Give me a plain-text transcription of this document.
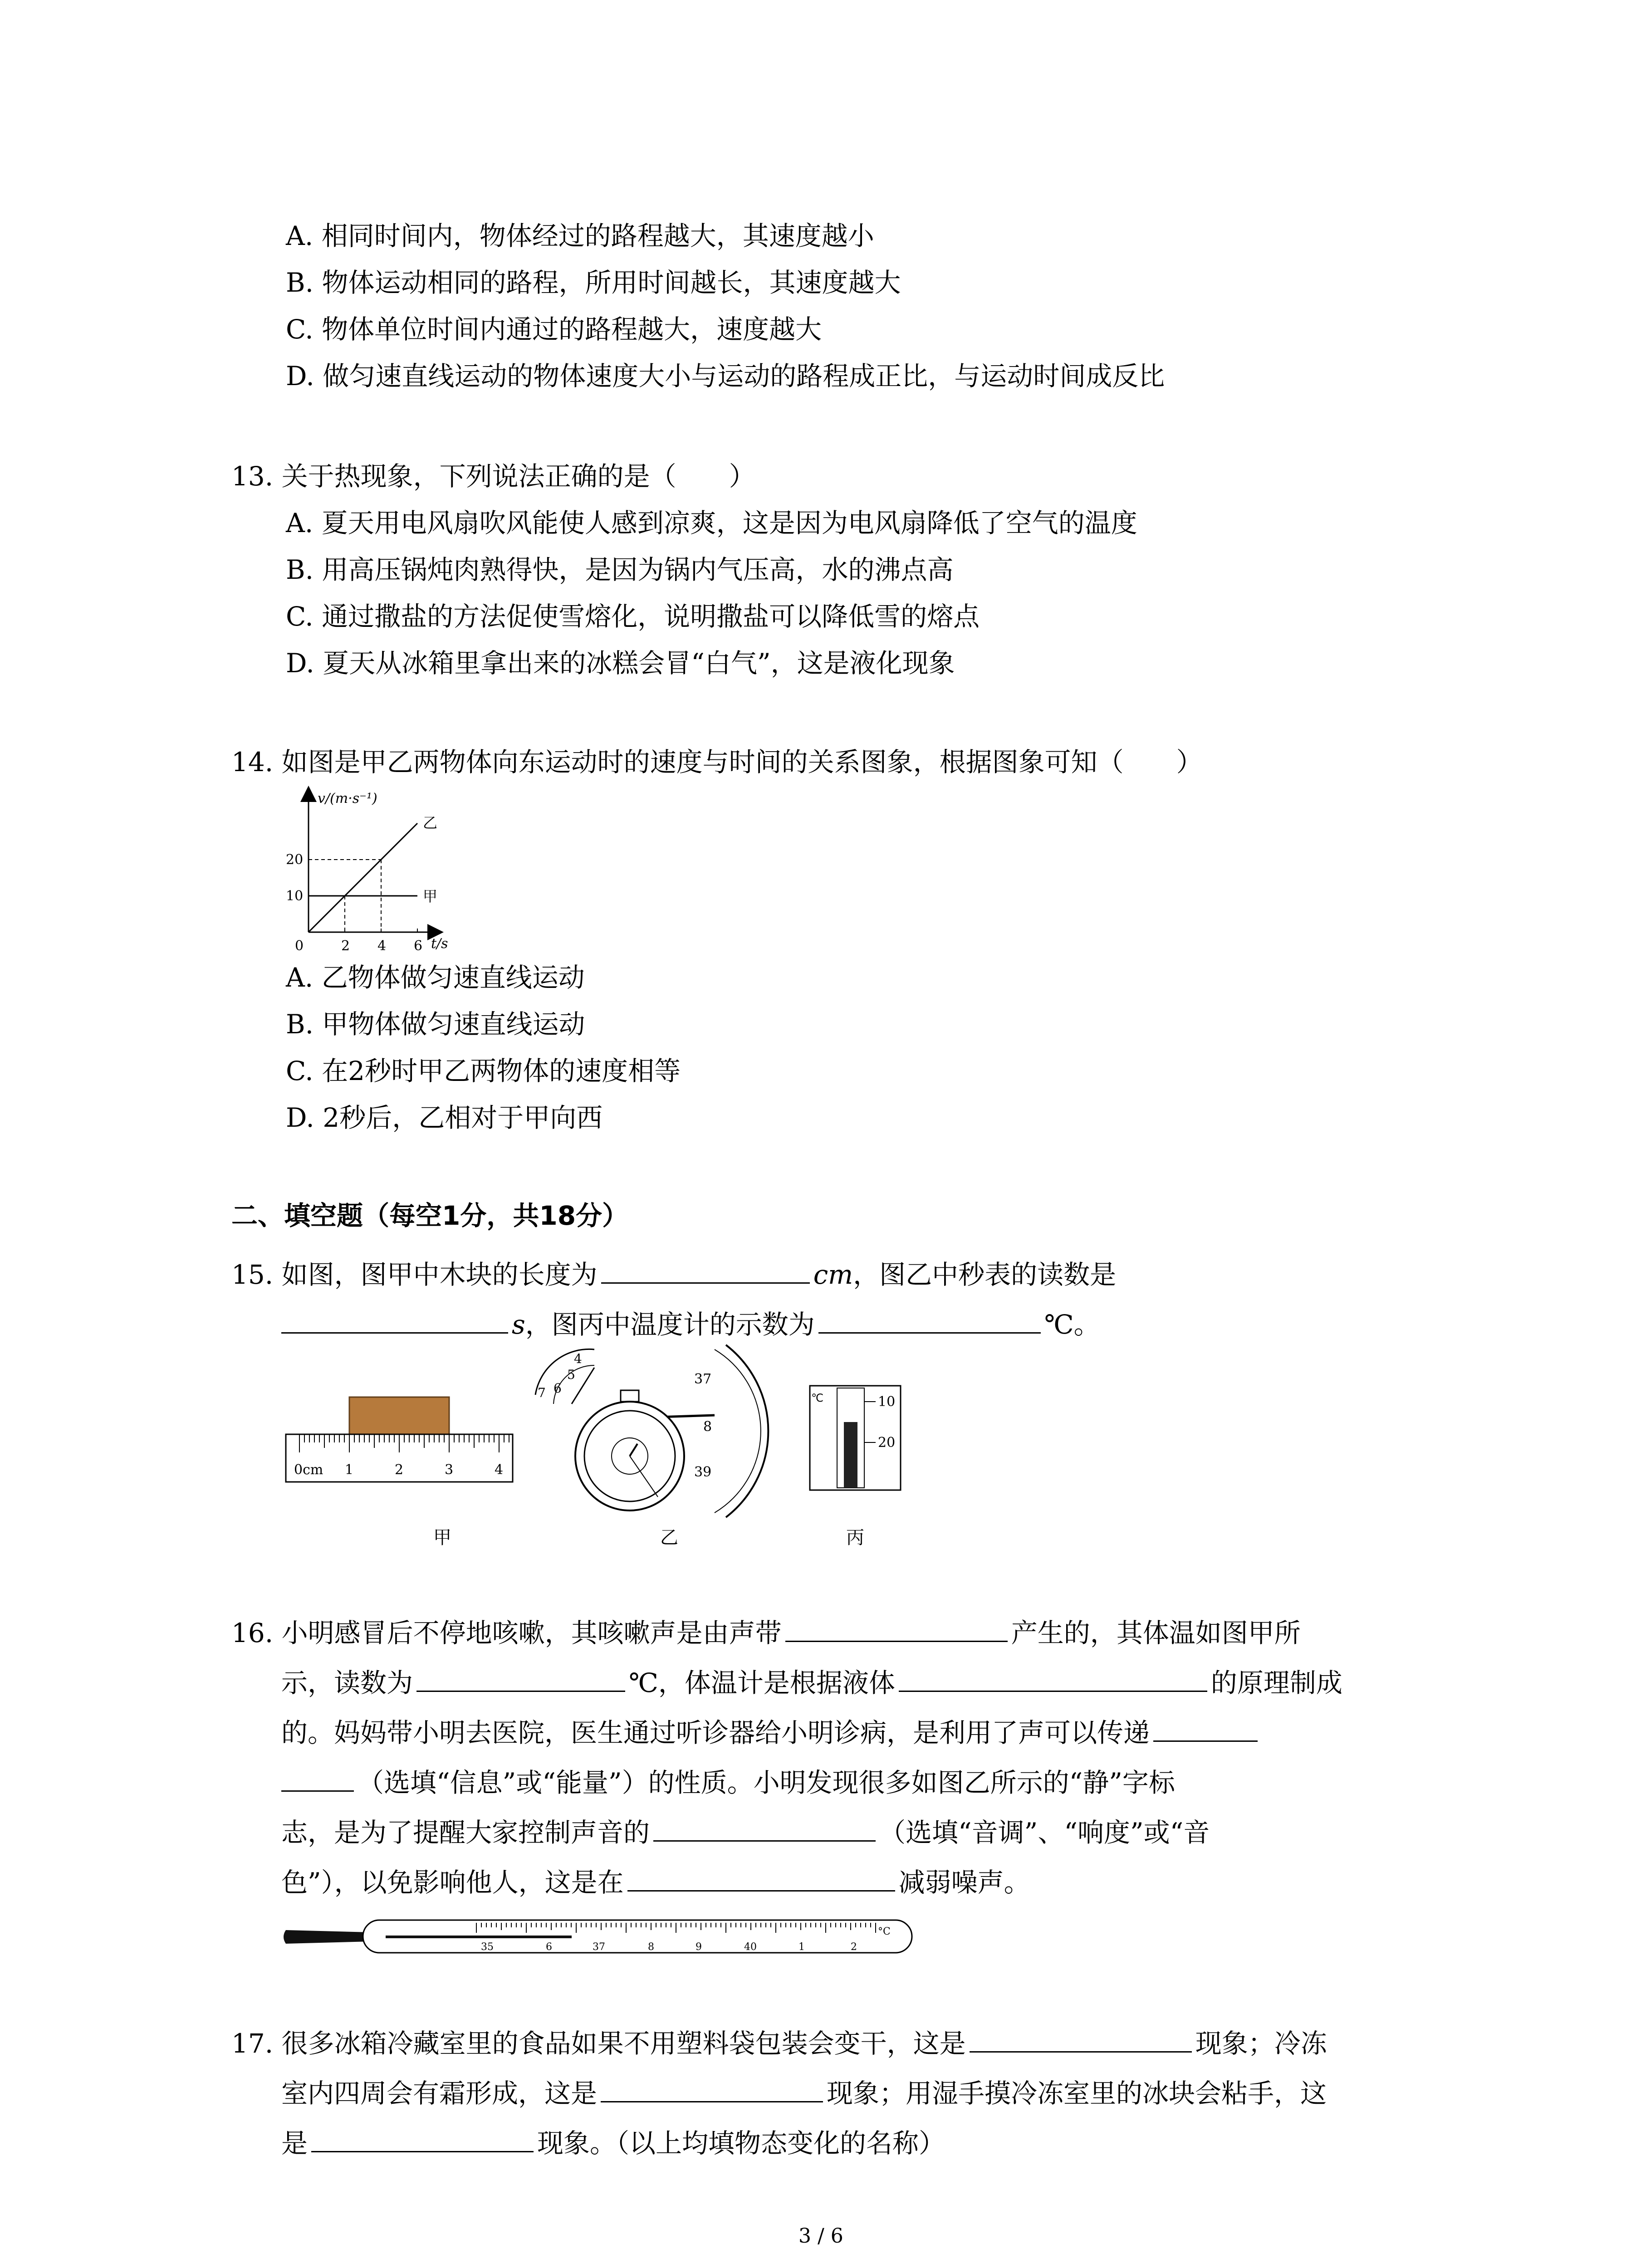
A. 相同时间内，物体经过的路程越大，其速度越小
B. 物体运动相同的路程，所用时间越长，其速度越大
C. 物体单位时间内通过的路程越大，速度越大
D. 做匀速直线运动的物体速度大小与运动的路程成正比，与运动时间成反比
13. 关于热现象，下列说法正确的是（　　）
A. 夏天用电风扇吹风能使人感到凉爽，这是因为电风扇降低了空气的温度
B. 用高压锅炖肉熟得快，是因为锅内气压高，水的沸点高
C. 通过撒盐的方法促使雪熔化，说明撒盐可以降低雪的熔点
D. 夏天从冰箱里拿出来的冰糕会冒“白气”，这是液化现象
14. 如图是甲乙两物体向东运动时的速度与时间的关系图象，根据图象可知（　　）
v/(m·s⁻¹)
t/s
0	2 4 6
10
20
乙
甲
A. 乙物体做匀速直线运动
B. 甲物体做匀速直线运动
C. 在2秒时甲乙两物体的速度相等
D. 2秒后，乙相对于甲向西
二、填空题（每空1分，共18分）
15. 如图，图甲中木块的长度为	cm，图乙中秒表的读数是
s，图丙中温度计的示数为	℃。
0cm 1	2	3	4
4
5
6
7
37
8
39
℃	10
20
甲	乙	丙
16. 小明感冒后不停地咳嗽，其咳嗽声是由声带	产生的，其体温如图甲所
示，读数为	℃，体温计是根据液体	的原理制成
的。妈妈带小明去医院，医生通过听诊器给小明诊病，是利用了声可以传递
（选填“信息”或“能量”）的性质。小明发现很多如图乙所示的“静”字标
志，是为了提醒大家控制声音的	（选填“音调”、“响度”或“音
色”），以免影响他人，这是在	减弱噪声。
35	6	37	8	9	40	1	2
°C
17. 很多冰箱冷藏室里的食品如果不用塑料袋包装会变干，这是	现象；冷冻
室内四周会有霜形成，这是	现象；用湿手摸冷冻室里的冰块会粘手，这
是	现象。（以上均填物态变化的名称）
3 / 6
